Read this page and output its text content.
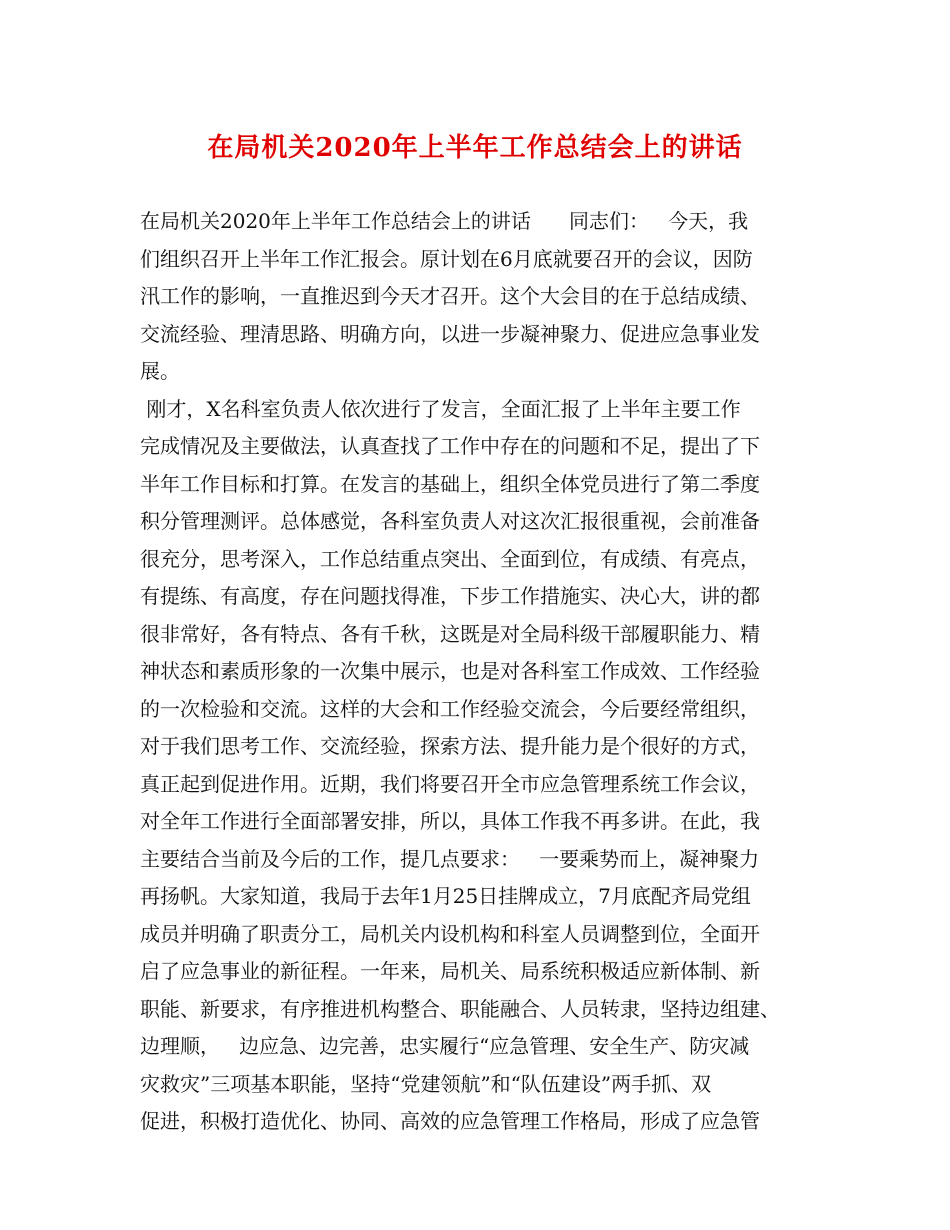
在局机关2020年上半年工作总结会上的讲话
在局机关2020年上半年工作总结会上的讲话      同志们：   今天，我
们组织召开上半年工作汇报会。原计划在6月底就要召开的会议，因防
汛工作的影响，一直推迟到今天才召开。这个大会目的在于总结成绩、
交流经验、理清思路、明确方向，以进一步凝神聚力、促进应急事业发
展。
刚才，X名科室负责人依次进行了发言，全面汇报了上半年主要工作
完成情况及主要做法，认真查找了工作中存在的问题和不足，提出了下
半年工作目标和打算。在发言的基础上，组织全体党员进行了第二季度
积分管理测评。总体感觉，各科室负责人对这次汇报很重视，会前准备
很充分，思考深入，工作总结重点突出、全面到位，有成绩、有亮点，
有提练、有高度，存在问题找得准，下步工作措施实、决心大，讲的都
很非常好，各有特点、各有千秋，这既是对全局科级干部履职能力、精
神状态和素质形象的一次集中展示，也是对各科室工作成效、工作经验
的一次检验和交流。这样的大会和工作经验交流会，今后要经常组织，
对于我们思考工作、交流经验，探索方法、提升能力是个很好的方式，
真正起到促进作用。近期，我们将要召开全市应急管理系统工作会议，
对全年工作进行全面部署安排，所以，具体工作我不再多讲。在此，我
主要结合当前及今后的工作，提几点要求：   一要乘势而上，凝神聚力
再扬帆。大家知道，我局于去年1月25日挂牌成立，7月底配齐局党组
成员并明确了职责分工，局机关内设机构和科室人员调整到位，全面开
启了应急事业的新征程。一年来，局机关、局系统积极适应新体制、新
职能、新要求，有序推进机构整合、职能融合、人员转隶，坚持边组建、
边理顺，   边应急、边完善，忠实履行“应急管理、安全生产、防灾减
灾救灾”三项基本职能，坚持“党建领航”和“队伍建设”两手抓、双
促进，积极打造优化、协同、高效的应急管理工作格局，形成了应急管
